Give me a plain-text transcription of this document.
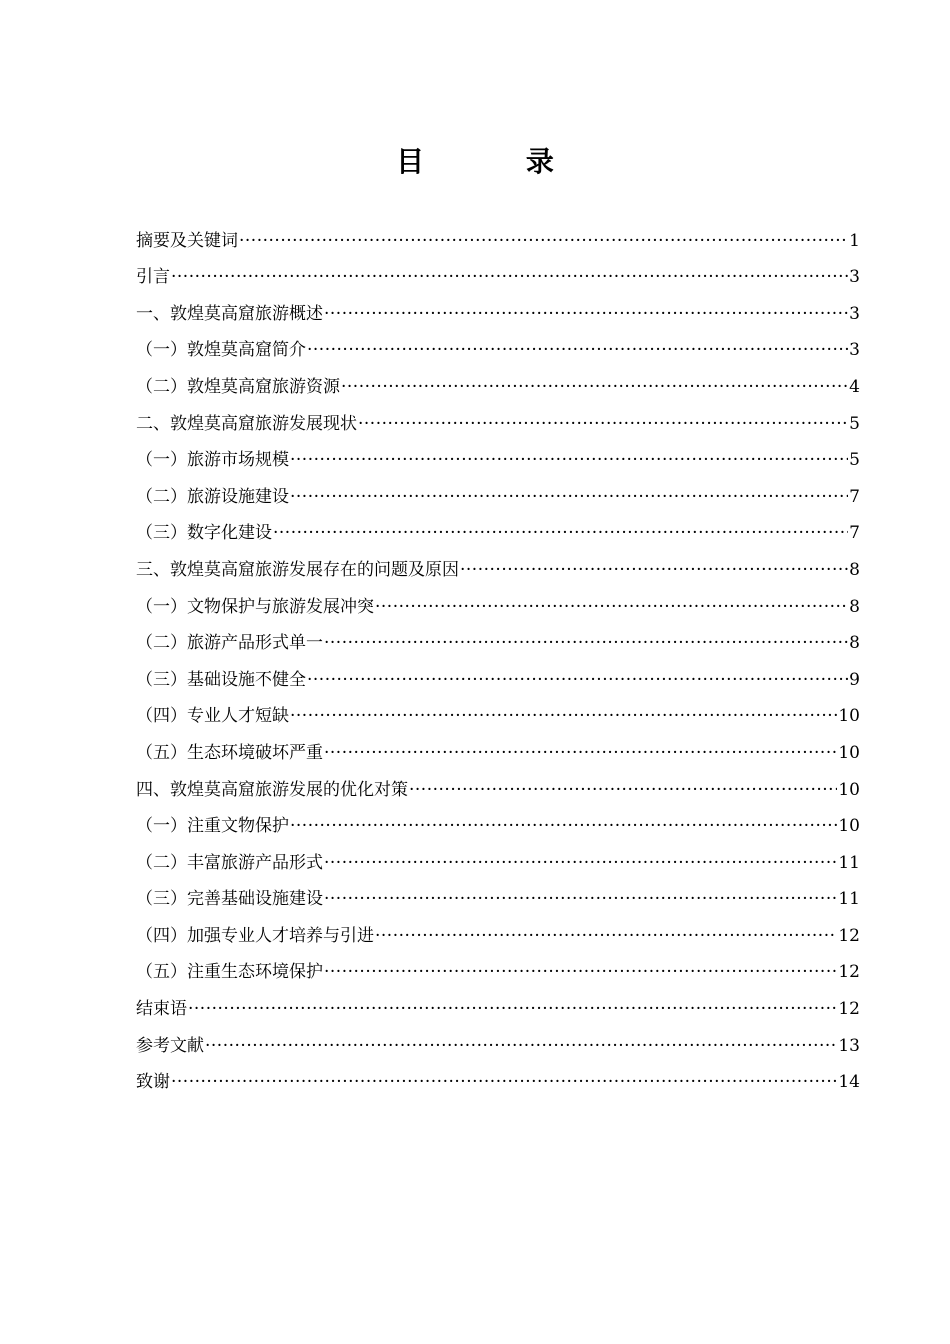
目 录
摘要及关键词 ·····	1
引言 ·····	3
一、敦煌莫高窟旅游概述 ·····	3
（一）敦煌莫高窟简介 ·····	3
（二）敦煌莫高窟旅游资源 ·····	4
二、敦煌莫高窟旅游发展现状 ·····	5
（一）旅游市场规模 ·····	5
（二）旅游设施建设 ·····	7
（三）数字化建设 ·····	7
三、敦煌莫高窟旅游发展存在的问题及原因 ·····	8
（一）文物保护与旅游发展冲突 ·····	8
（二）旅游产品形式单一 ·····	8
（三）基础设施不健全 ·····	9
（四）专业人才短缺 ·····	10
（五）生态环境破坏严重 ·····	10
四、敦煌莫高窟旅游发展的优化对策 ·····	10
（一）注重文物保护 ·····	10
（二）丰富旅游产品形式 ·····	11
（三）完善基础设施建设 ·····	11
（四）加强专业人才培养与引进 ·····	12
（五）注重生态环境保护 ·····	12
结束语 ·····	12
参考文献 ·····	13
致谢 ·····	14
